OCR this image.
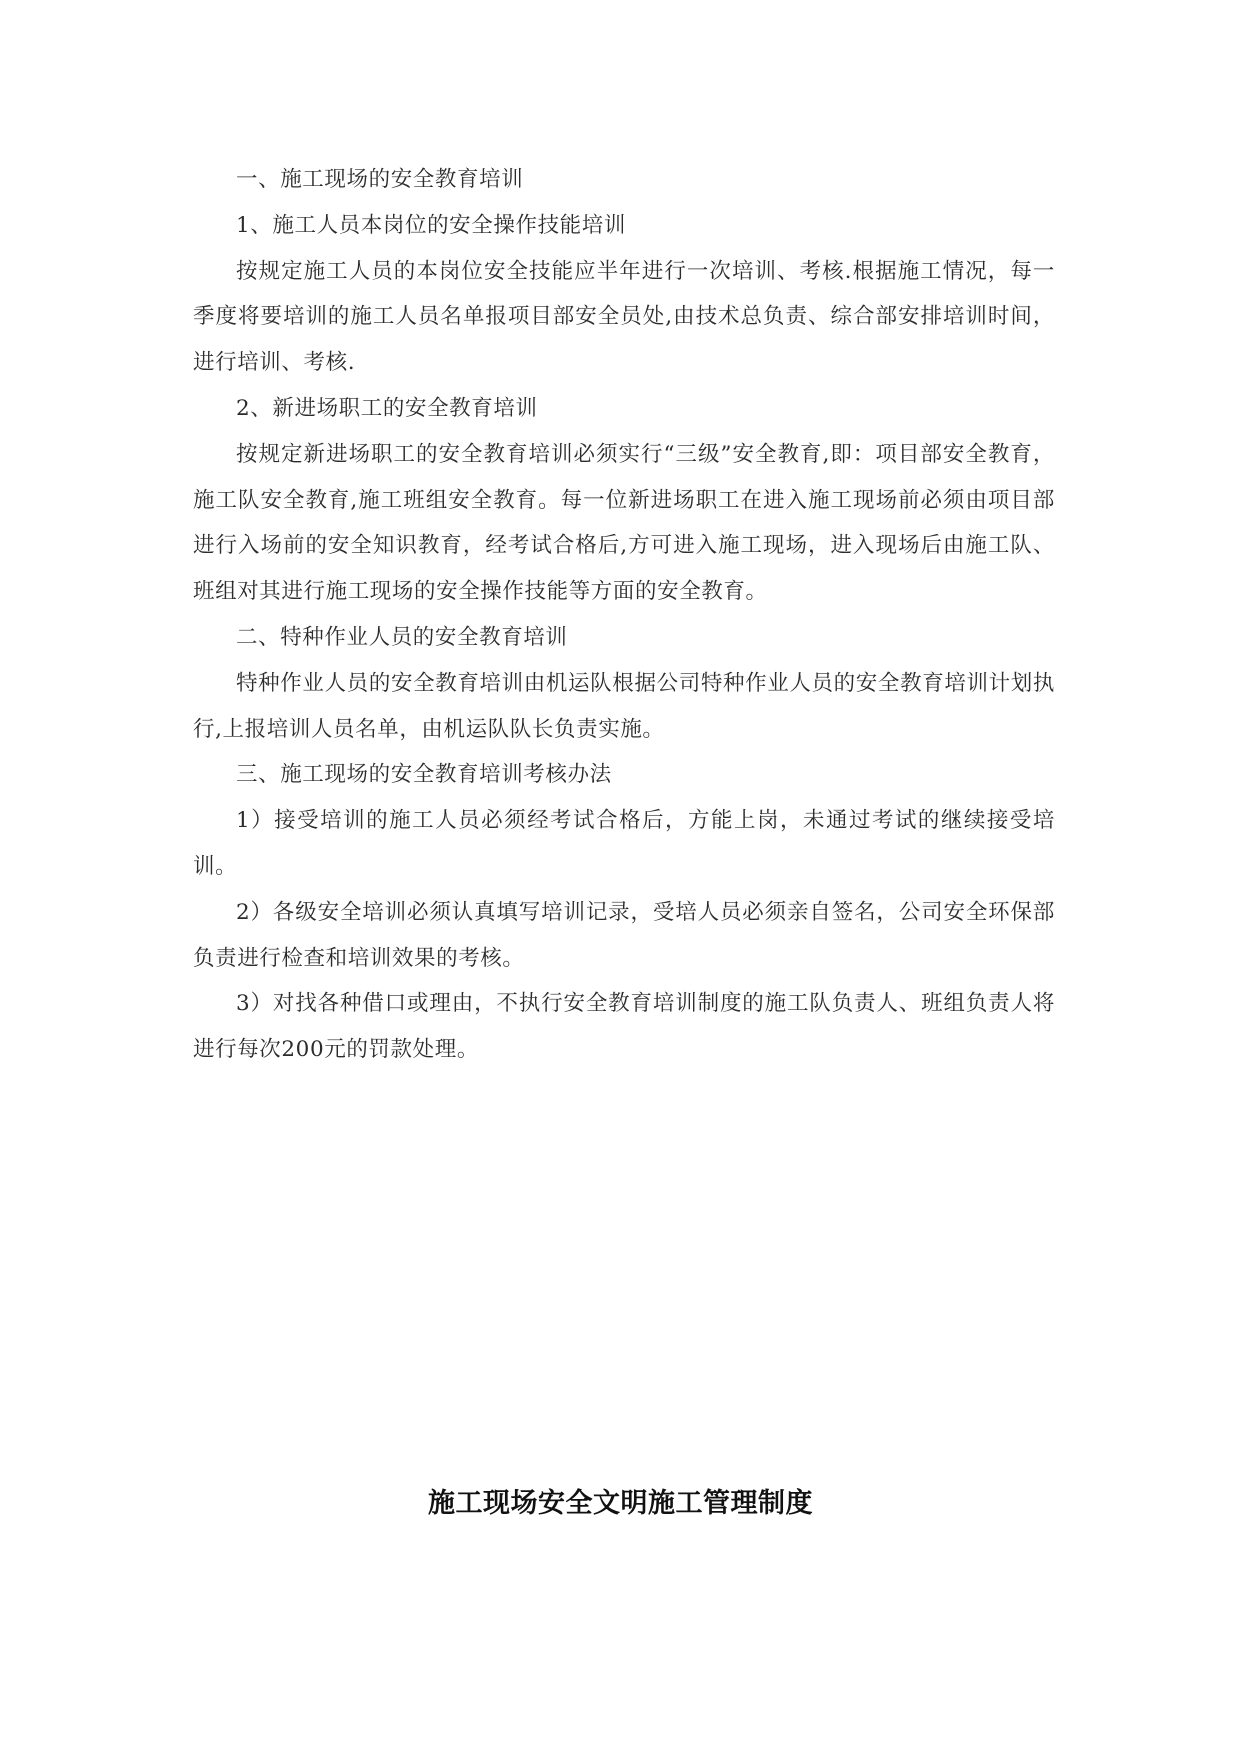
一、施工现场的安全教育培训

1、施工人员本岗位的安全操作技能培训

按规定施工人员的本岗位安全技能应半年进行一次培训、考核.根据施工情况，每一季度将要培训的施工人员名单报项目部安全员处,由技术总负责、综合部安排培训时间，进行培训、考核.

2、新进场职工的安全教育培训

按规定新进场职工的安全教育培训必须实行“三级”安全教育,即：项目部安全教育，施工队安全教育,施工班组安全教育。每一位新进场职工在进入施工现场前必须由项目部进行入场前的安全知识教育，经考试合格后,方可进入施工现场，进入现场后由施工队、班组对其进行施工现场的安全操作技能等方面的安全教育。

二、特种作业人员的安全教育培训

特种作业人员的安全教育培训由机运队根据公司特种作业人员的安全教育培训计划执行,上报培训人员名单，由机运队队长负责实施。

三、施工现场的安全教育培训考核办法

1）接受培训的施工人员必须经考试合格后，方能上岗，未通过考试的继续接受培训。

2）各级安全培训必须认真填写培训记录，受培人员必须亲自签名，公司安全环保部负责进行检查和培训效果的考核。

3）对找各种借口或理由，不执行安全教育培训制度的施工队负责人、班组负责人将进行每次200元的罚款处理。

施工现场安全文明施工管理制度
